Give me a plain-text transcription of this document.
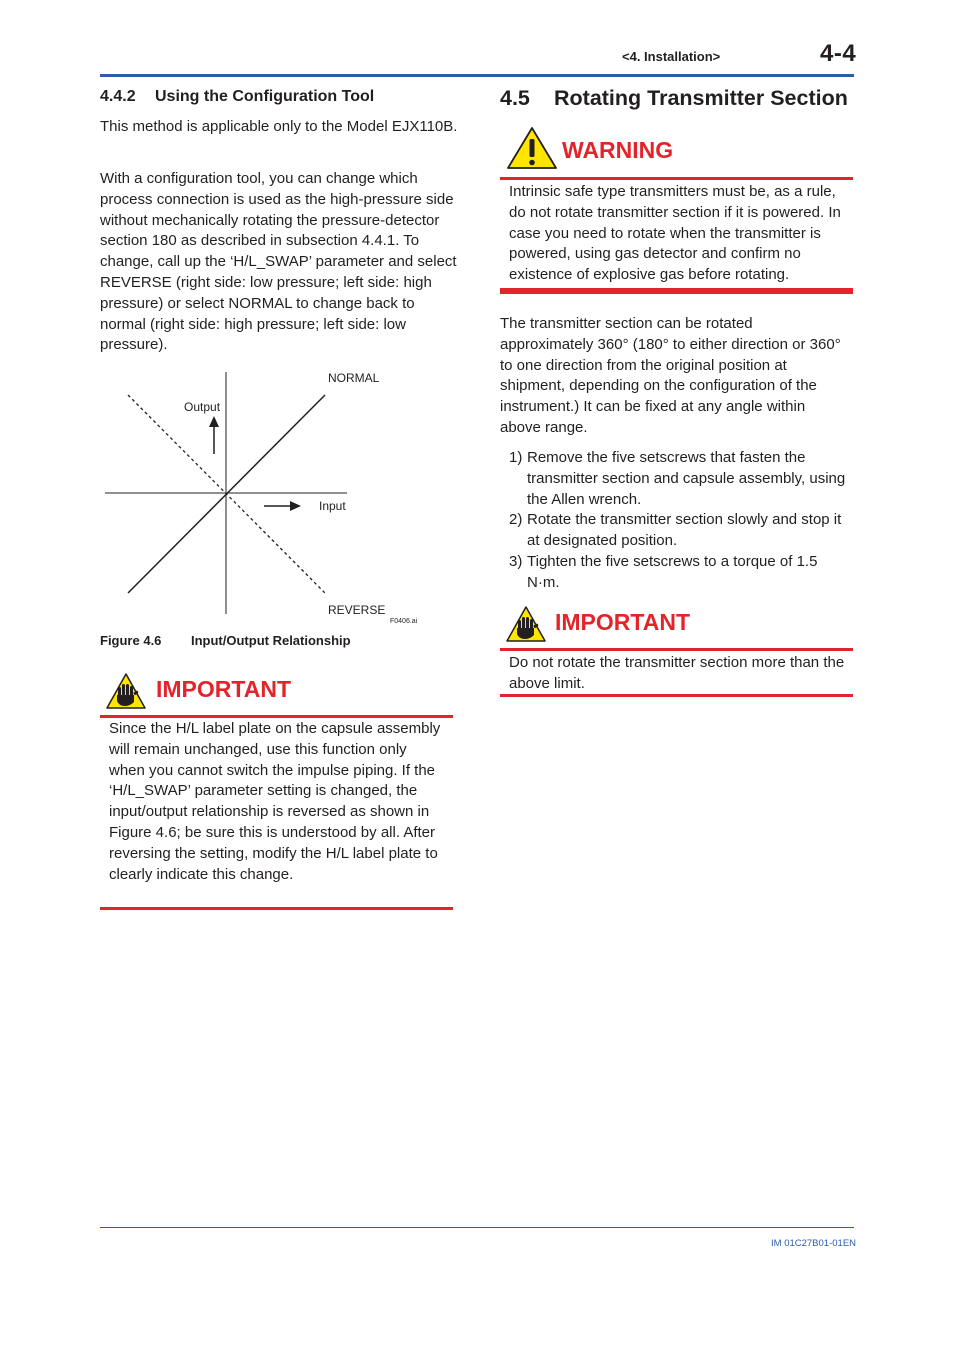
<4. Installation>	4-4
4.4.2 Using the Configuration Tool
This method is applicable only to the Model EJX110B.
With a configuration tool, you can change which process connection is used as the high-pressure side without mechanically rotating the pressure-detector section 180 as described in subsection 4.4.1. To change, call up the ‘H/L_SWAP’ parameter and select REVERSE (right side: low pressure; left side: high pressure) or select NORMAL to change back to normal (right side: high pressure; left side: low pressure).
Output
Input
NORMAL
REVERSE
F0406.ai
Figure 4.6 Input/Output Relationship
IMPORTANT
Since the H/L label plate on the capsule assembly will remain unchanged, use this function only when you cannot switch the impulse piping. If the ‘H/L_SWAP’ parameter setting is changed, the input/output relationship is reversed as shown in Figure 4.6; be sure this is understood by all. After reversing the setting, modify the H/L label plate to clearly indicate this change.
4.5 Rotating Transmitter Section
WARNING
Intrinsic safe type transmitters must be, as a rule, do not rotate transmitter section if it is powered. In case you need to rotate when the transmitter is powered, using gas detector and confirm no existence of explosive gas before rotating.
The transmitter section can be rotated approximately 360° (180° to either direction or 360° to one direction from the original position at shipment, depending on the configuration of the instrument.) It can be fixed at any angle within above range.
1) Remove the five setscrews that fasten the transmitter section and capsule assembly, using the Allen wrench.
2) Rotate the transmitter section slowly and stop it at designated position.
3) Tighten the five setscrews to a torque of 1.5 N·m.
IMPORTANT
Do not rotate the transmitter section more than the above limit.
IM 01C27B01-01EN
